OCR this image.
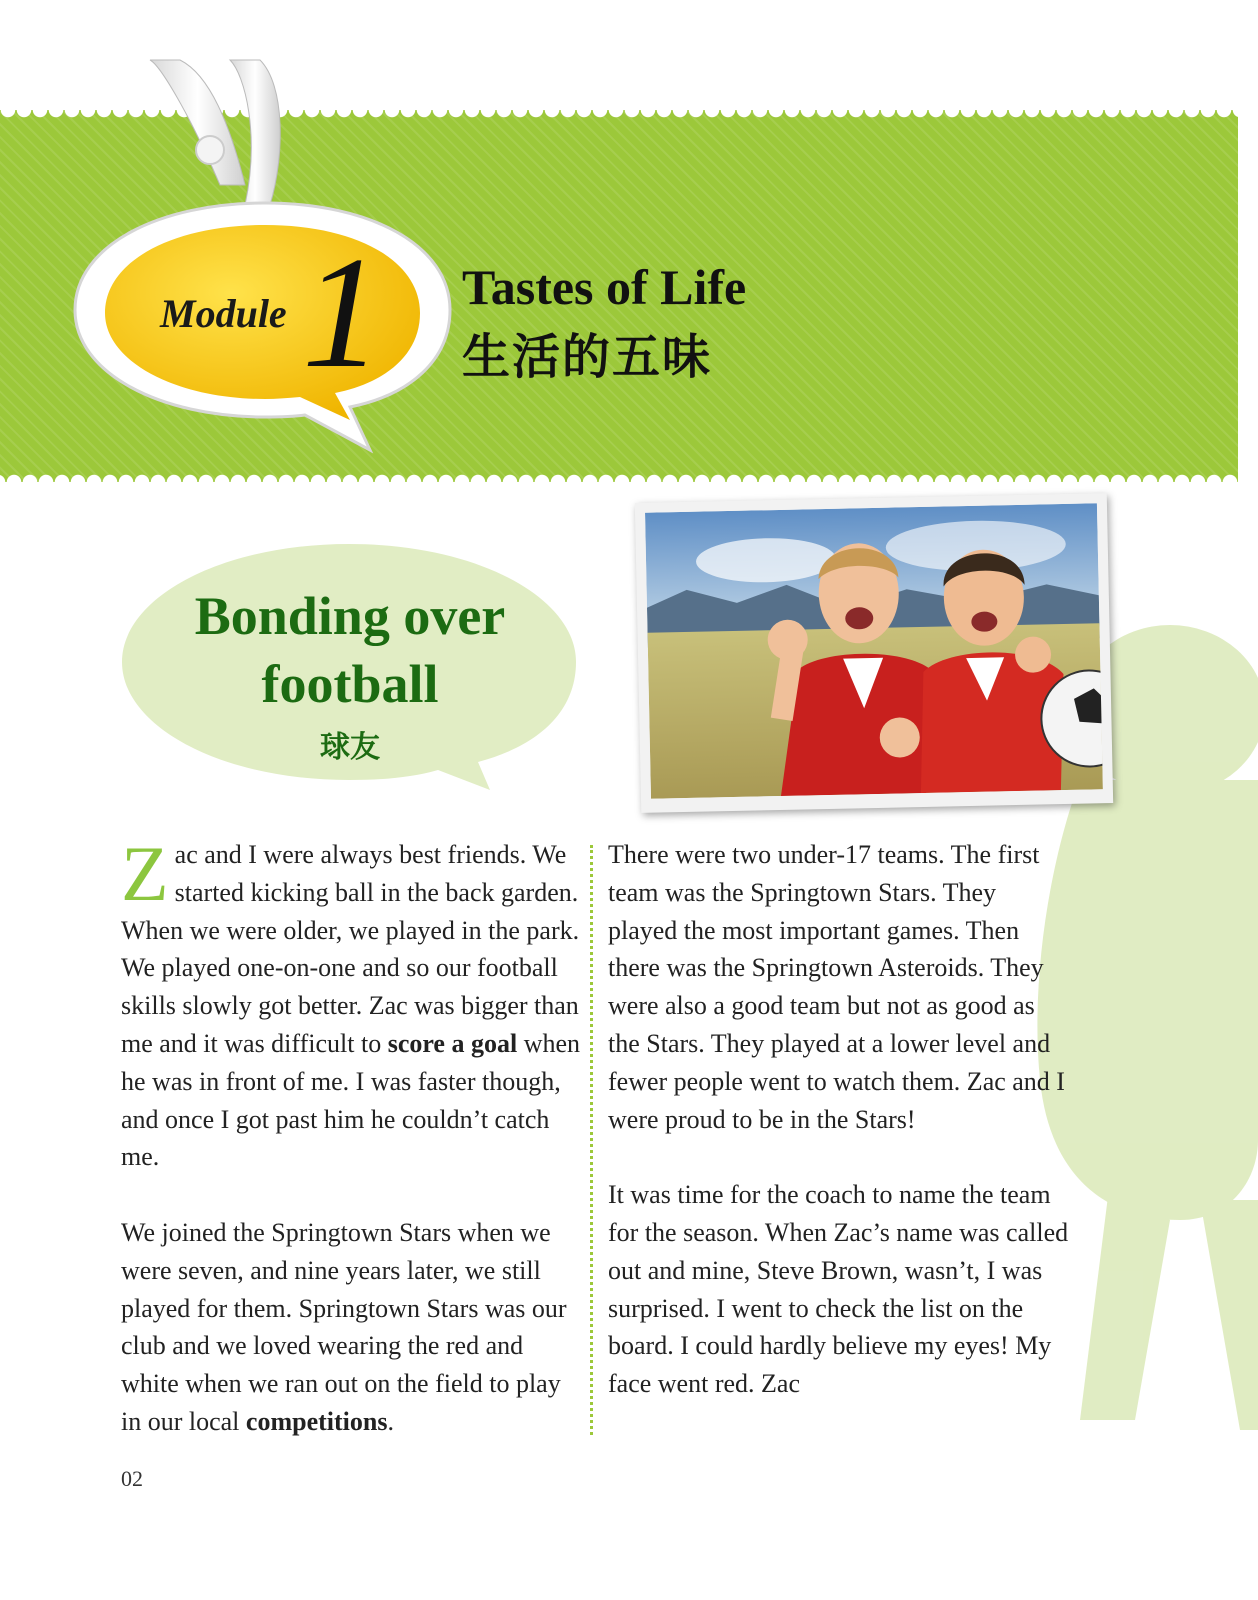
Module 1 Tastes of Life
生活的五味
Bonding over
football
球友

Zac and I were always best friends. We started kicking ball in the back garden. When we were older, we played in the park. We played one-on-one and so our football skills slowly got better. Zac was bigger than me and it was difficult to score a goal when he was in front of me. I was faster though, and once I got past him he couldn’t catch me.

We joined the Springtown Stars when we were seven, and nine years later, we still played for them. Springtown Stars was our club and we loved wearing the red and white when we ran out on the field to play in our local competitions.

There were two under-17 teams. The first team was the Springtown Stars. They played the most important games. Then there was the Springtown Asteroids. They were also a good team but not as good as the Stars. They played at a lower level and fewer people went to watch them. Zac and I were proud to be in the Stars!

It was time for the coach to name the team for the season. When Zac’s name was called out and mine, Steve Brown, wasn’t, I was surprised. I went to check the list on the board. I could hardly believe my eyes! My face went red. Zac

02
